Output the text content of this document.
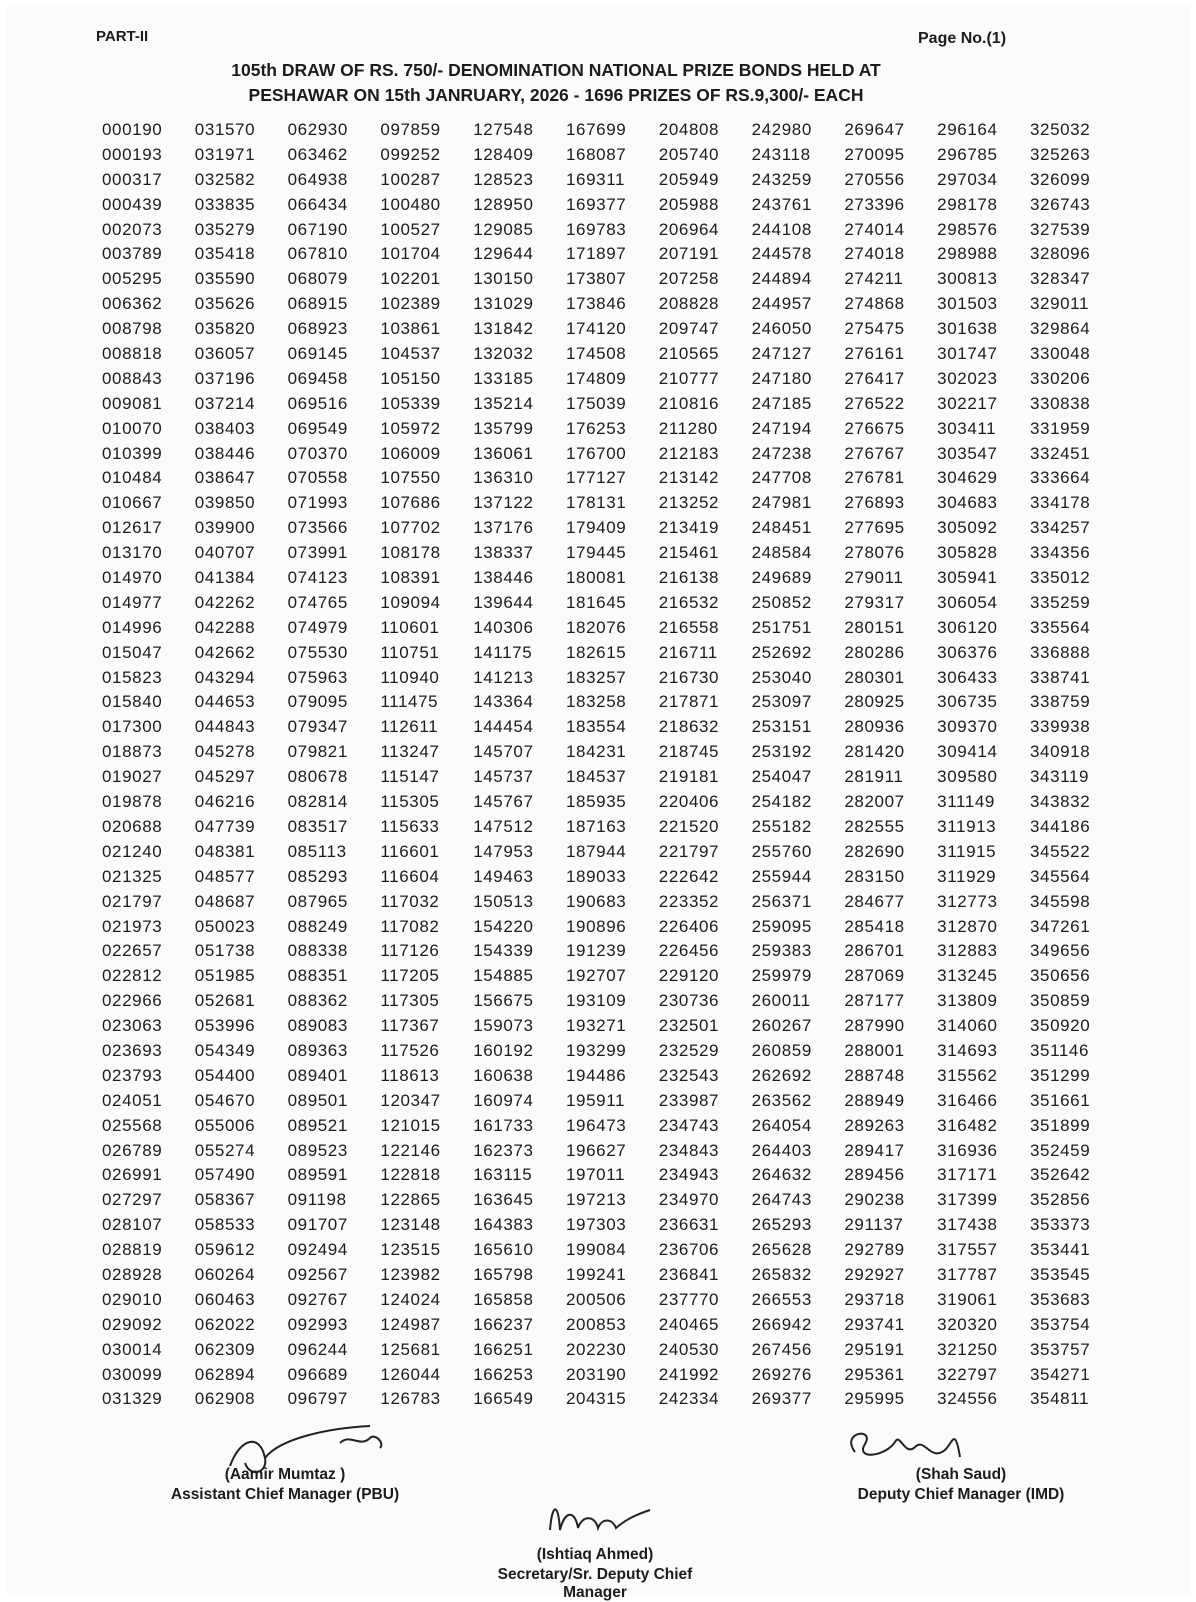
PART-II	Page No.(1)
105th DRAW OF RS. 750/- DENOMINATION NATIONAL PRIZE BONDS HELD AT
PESHAWAR ON 15th JANRUARY, 2026 - 1696 PRIZES OF RS.9,300/- EACH
000190
000193
000317
000439
002073
003789
005295
006362
008798
008818
008843
009081
010070
010399
010484
010667
012617
013170
014970
014977
014996
015047
015823
015840
017300
018873
019027
019878
020688
021240
021325
021797
021973
022657
022812
022966
023063
023693
023793
024051
025568
026789
026991
027297
028107
028819
028928
029010
029092
030014
030099
031329
031570
031971
032582
033835
035279
035418
035590
035626
035820
036057
037196
037214
038403
038446
038647
039850
039900
040707
041384
042262
042288
042662
043294
044653
044843
045278
045297
046216
047739
048381
048577
048687
050023
051738
051985
052681
053996
054349
054400
054670
055006
055274
057490
058367
058533
059612
060264
060463
062022
062309
062894
062908
062930
063462
064938
066434
067190
067810
068079
068915
068923
069145
069458
069516
069549
070370
070558
071993
073566
073991
074123
074765
074979
075530
075963
079095
079347
079821
080678
082814
083517
085113
085293
087965
088249
088338
088351
088362
089083
089363
089401
089501
089521
089523
089591
091198
091707
092494
092567
092767
092993
096244
096689
096797
097859
099252
100287
100480
100527
101704
102201
102389
103861
104537
105150
105339
105972
106009
107550
107686
107702
108178
108391
109094
110601
110751
110940
111475
112611
113247
115147
115305
115633
116601
116604
117032
117082
117126
117205
117305
117367
117526
118613
120347
121015
122146
122818
122865
123148
123515
123982
124024
124987
125681
126044
126783
127548
128409
128523
128950
129085
129644
130150
131029
131842
132032
133185
135214
135799
136061
136310
137122
137176
138337
138446
139644
140306
141175
141213
143364
144454
145707
145737
145767
147512
147953
149463
150513
154220
154339
154885
156675
159073
160192
160638
160974
161733
162373
163115
163645
164383
165610
165798
165858
166237
166251
166253
166549
167699
168087
169311
169377
169783
171897
173807
173846
174120
174508
174809
175039
176253
176700
177127
178131
179409
179445
180081
181645
182076
182615
183257
183258
183554
184231
184537
185935
187163
187944
189033
190683
190896
191239
192707
193109
193271
193299
194486
195911
196473
196627
197011
197213
197303
199084
199241
200506
200853
202230
203190
204315
204808
205740
205949
205988
206964
207191
207258
208828
209747
210565
210777
210816
211280
212183
213142
213252
213419
215461
216138
216532
216558
216711
216730
217871
218632
218745
219181
220406
221520
221797
222642
223352
226406
226456
229120
230736
232501
232529
232543
233987
234743
234843
234943
234970
236631
236706
236841
237770
240465
240530
241992
242334
242980
243118
243259
243761
244108
244578
244894
244957
246050
247127
247180
247185
247194
247238
247708
247981
248451
248584
249689
250852
251751
252692
253040
253097
253151
253192
254047
254182
255182
255760
255944
256371
259095
259383
259979
260011
260267
260859
262692
263562
264054
264403
264632
264743
265293
265628
265832
266553
266942
267456
269276
269377
269647
270095
270556
273396
274014
274018
274211
274868
275475
276161
276417
276522
276675
276767
276781
276893
277695
278076
279011
279317
280151
280286
280301
280925
280936
281420
281911
282007
282555
282690
283150
284677
285418
286701
287069
287177
287990
288001
288748
288949
289263
289417
289456
290238
291137
292789
292927
293718
293741
295191
295361
295995
296164
296785
297034
298178
298576
298988
300813
301503
301638
301747
302023
302217
303411
303547
304629
304683
305092
305828
305941
306054
306120
306376
306433
306735
309370
309414
309580
311149
311913
311915
311929
312773
312870
312883
313245
313809
314060
314693
315562
316466
316482
316936
317171
317399
317438
317557
317787
319061
320320
321250
322797
324556
325032
325263
326099
326743
327539
328096
328347
329011
329864
330048
330206
330838
331959
332451
333664
334178
334257
334356
335012
335259
335564
336888
338741
338759
339938
340918
343119
343832
344186
345522
345564
345598
347261
349656
350656
350859
350920
351146
351299
351661
351899
352459
352642
352856
353373
353441
353545
353683
353754
353757
354271
354811
(Aamir Mumtaz )
Assistant Chief Manager (PBU)
(Ishtiaq Ahmed)
Secretary/Sr. Deputy Chief Manager
(Shah Saud)
Deputy Chief Manager (IMD)
